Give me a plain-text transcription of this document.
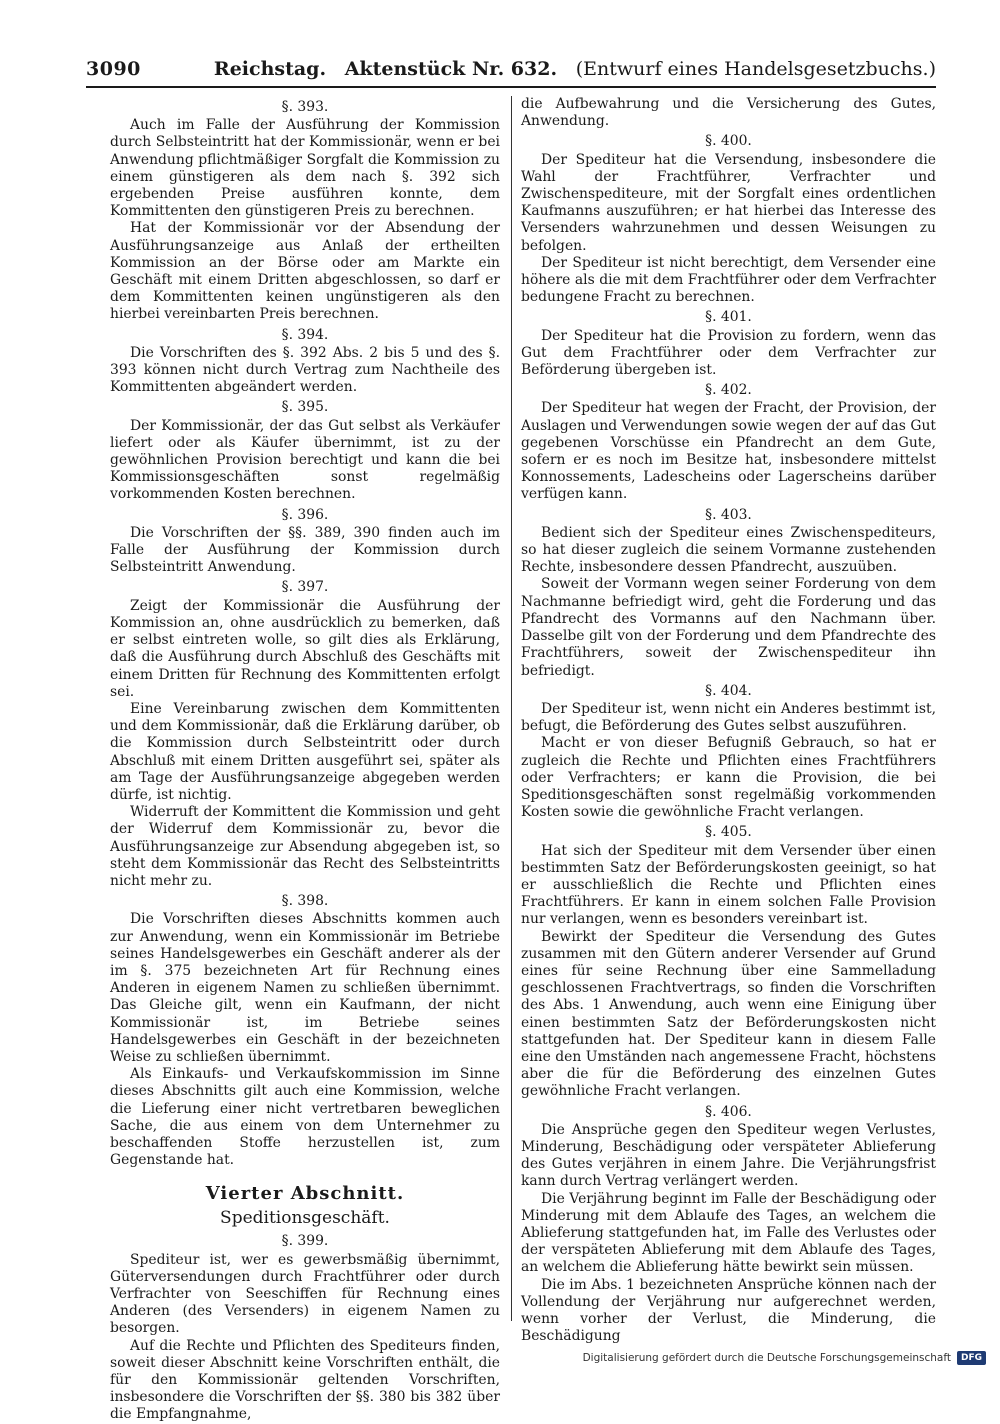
3090	Reichstag. Aktenstück Nr. 632. (Entwurf eines Handelsgesetzbuchs.)
§. 393.

Auch im Falle der Ausführung der Kommission durch Selbsteintritt hat der Kommissionär, wenn er bei Anwendung pflichtmäßiger Sorgfalt die Kommission zu einem günstigeren als dem nach §. 392 sich ergebenden Preise ausführen konnte, dem Kommittenten den günstigeren Preis zu berechnen.

Hat der Kommissionär vor der Absendung der Ausführungsanzeige aus Anlaß der ertheilten Kommission an der Börse oder am Markte ein Geschäft mit einem Dritten abgeschlossen, so darf er dem Kommittenten keinen ungünstigeren als den hierbei vereinbarten Preis berechnen.

§. 394.

Die Vorschriften des §. 392 Abs. 2 bis 5 und des §. 393 können nicht durch Vertrag zum Nachtheile des Kommittenten abgeändert werden.

§. 395.

Der Kommissionär, der das Gut selbst als Verkäufer liefert oder als Käufer übernimmt, ist zu der gewöhnlichen Provision berechtigt und kann die bei Kommissionsgeschäften sonst regelmäßig vorkommenden Kosten berechnen.

§. 396.

Die Vorschriften der §§. 389, 390 finden auch im Falle der Ausführung der Kommission durch Selbsteintritt Anwendung.

§. 397.

Zeigt der Kommissionär die Ausführung der Kommission an, ohne ausdrücklich zu bemerken, daß er selbst eintreten wolle, so gilt dies als Erklärung, daß die Ausführung durch Abschluß des Geschäfts mit einem Dritten für Rechnung des Kommittenten erfolgt sei.

Eine Vereinbarung zwischen dem Kommittenten und dem Kommissionär, daß die Erklärung darüber, ob die Kommission durch Selbsteintritt oder durch Abschluß mit einem Dritten ausgeführt sei, später als am Tage der Ausführungsanzeige abgegeben werden dürfe, ist nichtig.

Widerruft der Kommittent die Kommission und geht der Widerruf dem Kommissionär zu, bevor die Ausführungsanzeige zur Absendung abgegeben ist, so steht dem Kommissionär das Recht des Selbsteintritts nicht mehr zu.

§. 398.

Die Vorschriften dieses Abschnitts kommen auch zur Anwendung, wenn ein Kommissionär im Betriebe seines Handelsgewerbes ein Geschäft anderer als der im §. 375 bezeichneten Art für Rechnung eines Anderen in eigenem Namen zu schließen übernimmt. Das Gleiche gilt, wenn ein Kaufmann, der nicht Kommissionär ist, im Betriebe seines Handelsgewerbes ein Geschäft in der bezeichneten Weise zu schließen übernimmt.

Als Einkaufs- und Verkaufskommission im Sinne dieses Abschnitts gilt auch eine Kommission, welche die Lieferung einer nicht vertretbaren beweglichen Sache, die aus einem von dem Unternehmer zu beschaffenden Stoffe herzustellen ist, zum Gegenstande hat.

Vierter Abschnitt.
Speditionsgeschäft.
§. 399.

Spediteur ist, wer es gewerbsmäßig übernimmt, Güterversendungen durch Frachtführer oder durch Verfrachter von Seeschiffen für Rechnung eines Anderen (des Versenders) in eigenem Namen zu besorgen.

Auf die Rechte und Pflichten des Spediteurs finden, soweit dieser Abschnitt keine Vorschriften enthält, die für den Kommissionär geltenden Vorschriften, insbesondere die Vorschriften der §§. 380 bis 382 über die Empfangnahme,

die Aufbewahrung und die Versicherung des Gutes, Anwendung.

§. 400.

Der Spediteur hat die Versendung, insbesondere die Wahl der Frachtführer, Verfrachter und Zwischenspediteure, mit der Sorgfalt eines ordentlichen Kaufmanns auszuführen; er hat hierbei das Interesse des Versenders wahrzunehmen und dessen Weisungen zu befolgen.

Der Spediteur ist nicht berechtigt, dem Versender eine höhere als die mit dem Frachtführer oder dem Verfrachter bedungene Fracht zu berechnen.

§. 401.

Der Spediteur hat die Provision zu fordern, wenn das Gut dem Frachtführer oder dem Verfrachter zur Beförderung übergeben ist.

§. 402.

Der Spediteur hat wegen der Fracht, der Provision, der Auslagen und Verwendungen sowie wegen der auf das Gut gegebenen Vorschüsse ein Pfandrecht an dem Gute, sofern er es noch im Besitze hat, insbesondere mittelst Konnossements, Ladescheins oder Lagerscheins darüber verfügen kann.

§. 403.

Bedient sich der Spediteur eines Zwischenspediteurs, so hat dieser zugleich die seinem Vormanne zustehenden Rechte, insbesondere dessen Pfandrecht, auszuüben.

Soweit der Vormann wegen seiner Forderung von dem Nachmanne befriedigt wird, geht die Forderung und das Pfandrecht des Vormanns auf den Nachmann über. Dasselbe gilt von der Forderung und dem Pfandrechte des Frachtführers, soweit der Zwischenspediteur ihn befriedigt.

§. 404.

Der Spediteur ist, wenn nicht ein Anderes bestimmt ist, befugt, die Beförderung des Gutes selbst auszuführen.

Macht er von dieser Befugniß Gebrauch, so hat er zugleich die Rechte und Pflichten eines Frachtführers oder Verfrachters; er kann die Provision, die bei Speditionsgeschäften sonst regelmäßig vorkommenden Kosten sowie die gewöhnliche Fracht verlangen.

§. 405.

Hat sich der Spediteur mit dem Versender über einen bestimmten Satz der Beförderungskosten geeinigt, so hat er ausschließlich die Rechte und Pflichten eines Frachtführers. Er kann in einem solchen Falle Provision nur verlangen, wenn es besonders vereinbart ist.

Bewirkt der Spediteur die Versendung des Gutes zusammen mit den Gütern anderer Versender auf Grund eines für seine Rechnung über eine Sammelladung geschlossenen Frachtvertrags, so finden die Vorschriften des Abs. 1 Anwendung, auch wenn eine Einigung über einen bestimmten Satz der Beförderungskosten nicht stattgefunden hat. Der Spediteur kann in diesem Falle eine den Umständen nach angemessene Fracht, höchstens aber die für die Beförderung des einzelnen Gutes gewöhnliche Fracht verlangen.

§. 406.

Die Ansprüche gegen den Spediteur wegen Verlustes, Minderung, Beschädigung oder verspäteter Ablieferung des Gutes verjähren in einem Jahre. Die Verjährungsfrist kann durch Vertrag verlängert werden.

Die Verjährung beginnt im Falle der Beschädigung oder Minderung mit dem Ablaufe des Tages, an welchem die Ablieferung stattgefunden hat, im Falle des Verlustes oder der verspäteten Ablieferung mit dem Ablaufe des Tages, an welchem die Ablieferung hätte bewirkt sein müssen.

Die im Abs. 1 bezeichneten Ansprüche können nach der Vollendung der Verjährung nur aufgerechnet werden, wenn vorher der Verlust, die Minderung, die Beschädigung

Digitalisierung gefördert durch die Deutsche Forschungsgemeinschaft	DFG
